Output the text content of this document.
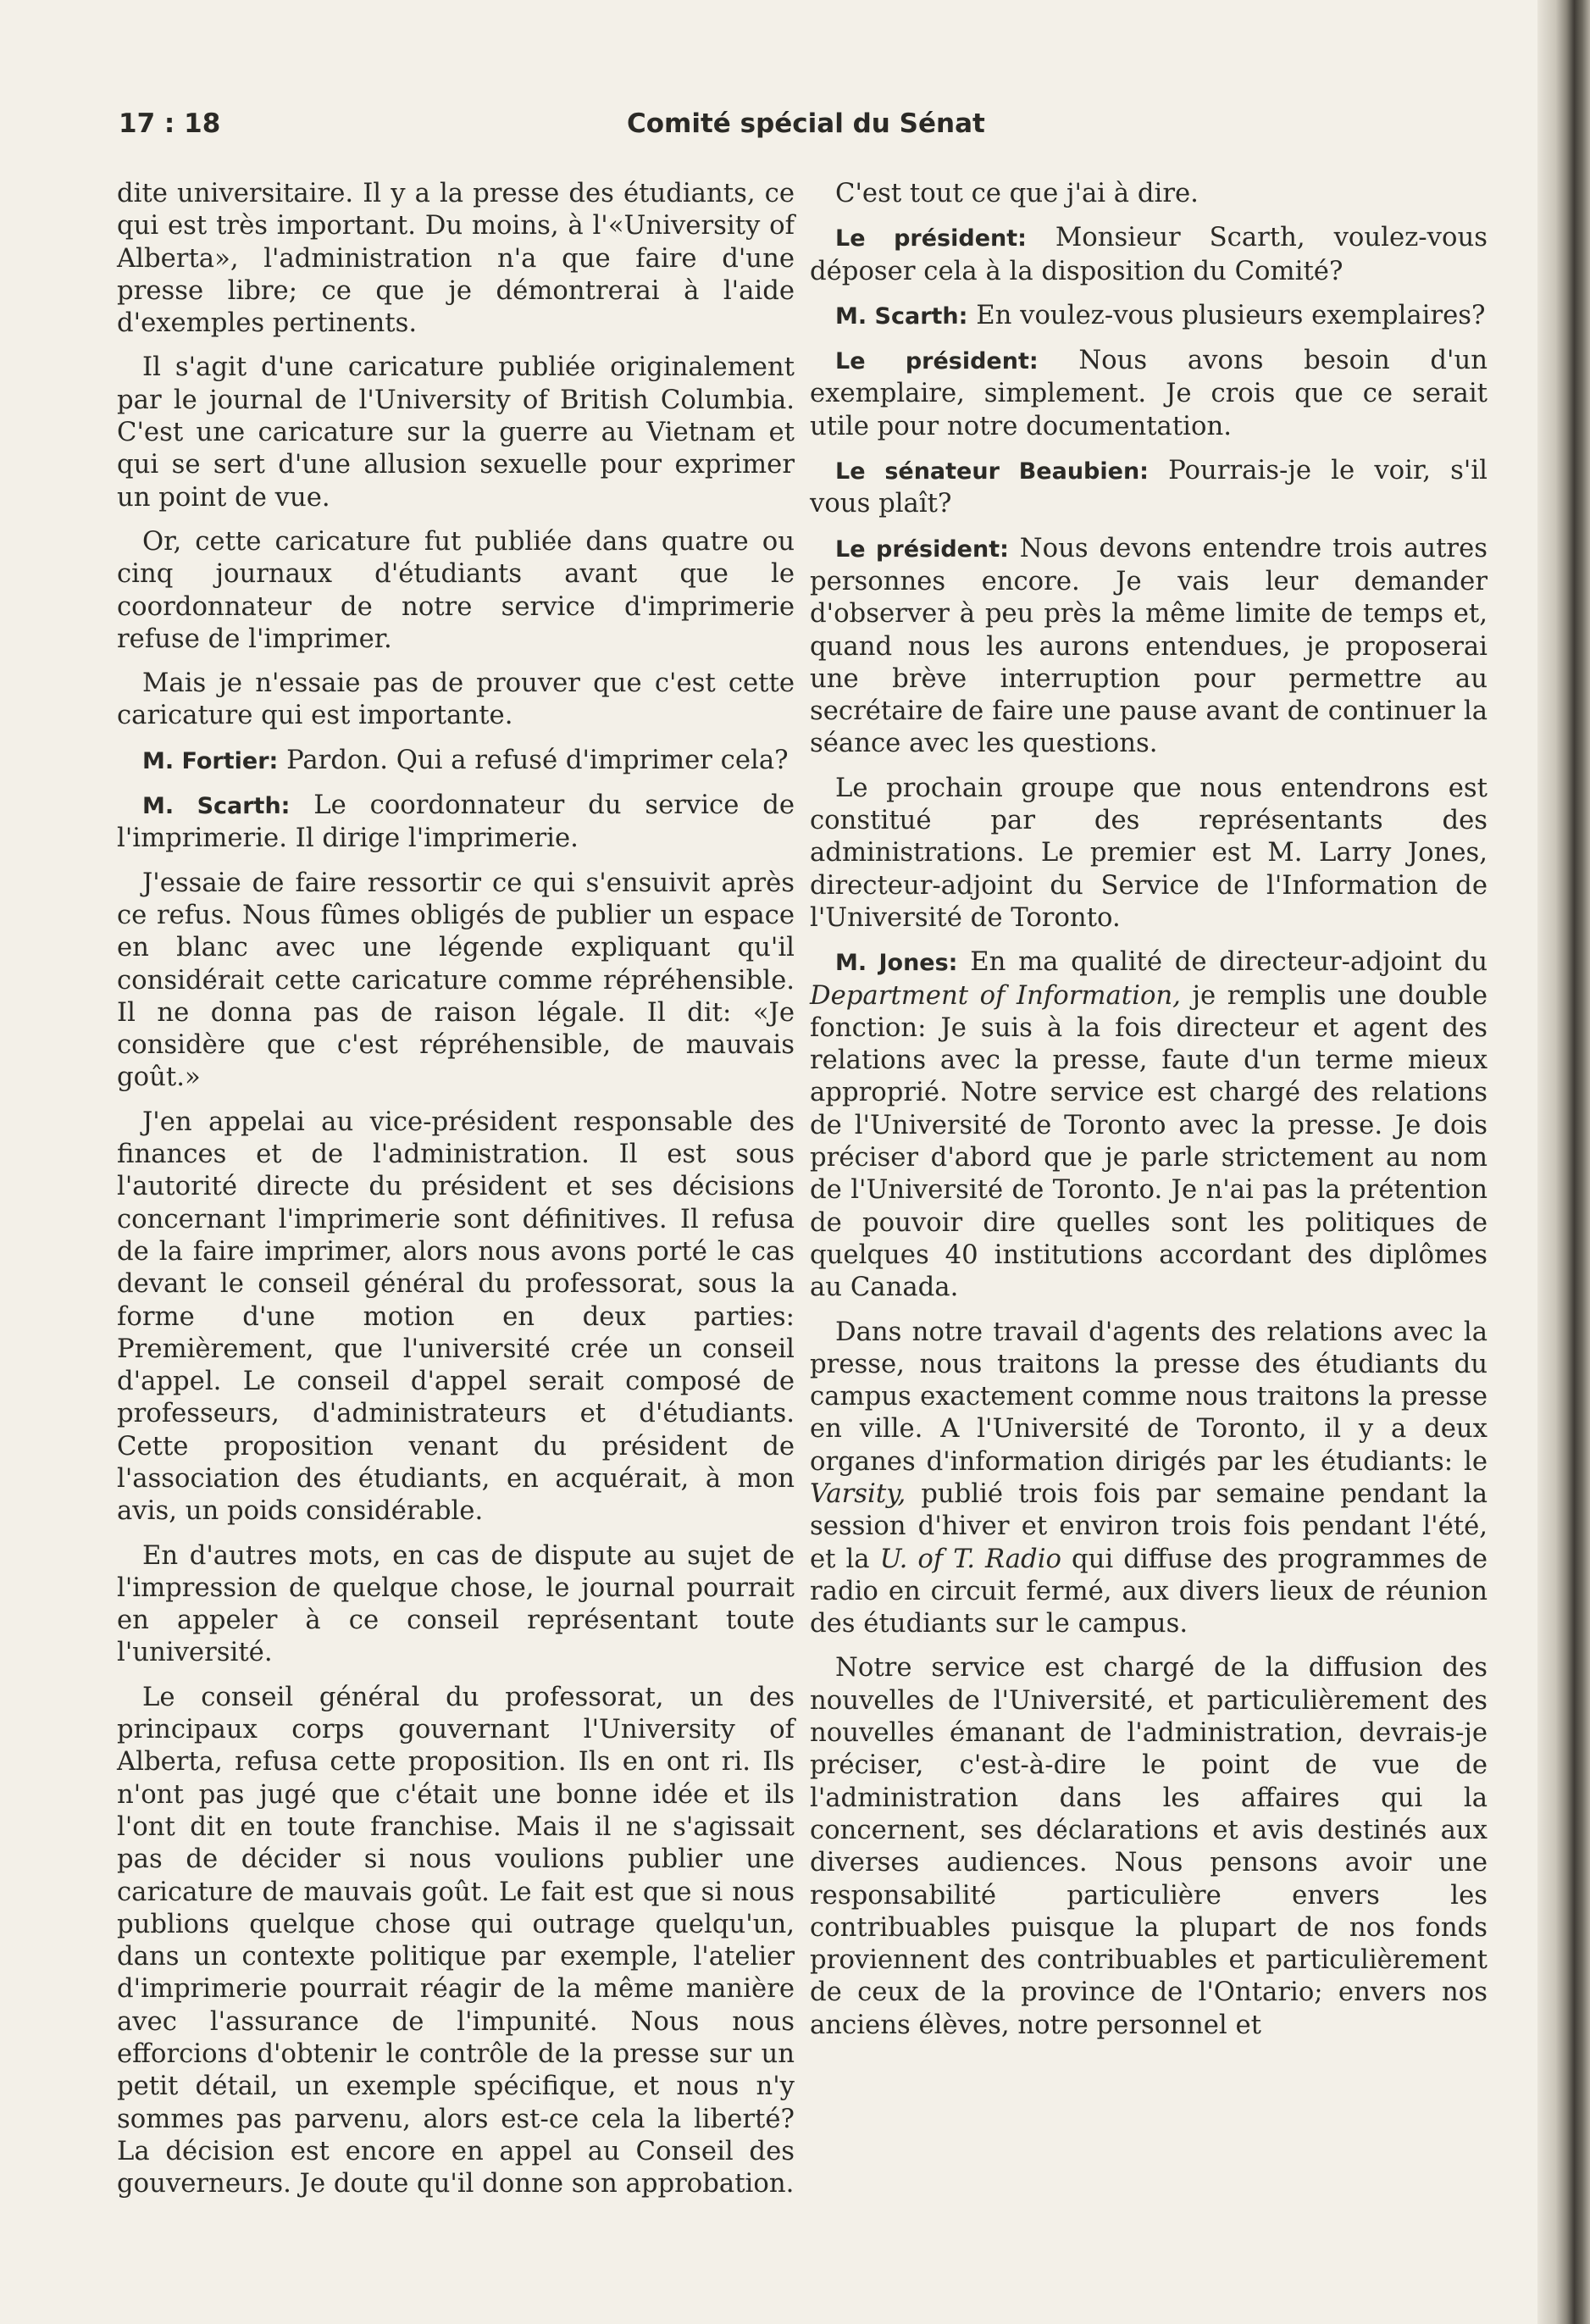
17 : 18	Comité spécial du Sénat

dite universitaire. Il y a la presse des étudiants, ce qui est très important. Du moins, à l'«University of Alberta», l'administration n'a que faire d'une presse libre; ce que je démontrerai à l'aide d'exemples pertinents.

Il s'agit d'une caricature publiée originalement par le journal de l'University of British Columbia. C'est une caricature sur la guerre au Vietnam et qui se sert d'une allusion sexuelle pour exprimer un point de vue.

Or, cette caricature fut publiée dans quatre ou cinq journaux d'étudiants avant que le coordonnateur de notre service d'imprimerie refuse de l'imprimer.

Mais je n'essaie pas de prouver que c'est cette caricature qui est importante.

M. Fortier: Pardon. Qui a refusé d'imprimer cela?

M. Scarth: Le coordonnateur du service de l'imprimerie. Il dirige l'imprimerie.

J'essaie de faire ressortir ce qui s'ensuivit après ce refus. Nous fûmes obligés de publier un espace en blanc avec une légende expliquant qu'il considérait cette caricature comme répréhensible. Il ne donna pas de raison légale. Il dit: «Je considère que c'est répréhensible, de mauvais goût.»

J'en appelai au vice-président responsable des finances et de l'administration. Il est sous l'autorité directe du président et ses décisions concernant l'imprimerie sont définitives. Il refusa de la faire imprimer, alors nous avons porté le cas devant le conseil général du professorat, sous la forme d'une motion en deux parties: Premièrement, que l'université crée un conseil d'appel. Le conseil d'appel serait composé de professeurs, d'administrateurs et d'étudiants. Cette proposition venant du président de l'association des étudiants, en acquérait, à mon avis, un poids considérable.

En d'autres mots, en cas de dispute au sujet de l'impression de quelque chose, le journal pourrait en appeler à ce conseil représentant toute l'université.

Le conseil général du professorat, un des principaux corps gouvernant l'University of Alberta, refusa cette proposition. Ils en ont ri. Ils n'ont pas jugé que c'était une bonne idée et ils l'ont dit en toute franchise. Mais il ne s'agissait pas de décider si nous voulions publier une caricature de mauvais goût. Le fait est que si nous publions quelque chose qui outrage quelqu'un, dans un contexte politique par exemple, l'atelier d'imprimerie pourrait réagir de la même manière avec l'assurance de l'impunité. Nous nous efforcions d'obtenir le contrôle de la presse sur un petit détail, un exemple spécifique, et nous n'y sommes pas parvenu, alors est-ce cela la liberté? La décision est encore en appel au Conseil des gouverneurs. Je doute qu'il donne son approbation.

C'est tout ce que j'ai à dire.

Le président: Monsieur Scarth, voulez-vous déposer cela à la disposition du Comité?

M. Scarth: En voulez-vous plusieurs exemplaires?

Le président: Nous avons besoin d'un exemplaire, simplement. Je crois que ce serait utile pour notre documentation.

Le sénateur Beaubien: Pourrais-je le voir, s'il vous plaît?

Le président: Nous devons entendre trois autres personnes encore. Je vais leur demander d'observer à peu près la même limite de temps et, quand nous les aurons entendues, je proposerai une brève interruption pour permettre au secrétaire de faire une pause avant de continuer la séance avec les questions.

Le prochain groupe que nous entendrons est constitué par des représentants des administrations. Le premier est M. Larry Jones, directeur-adjoint du Service de l'Information de l'Université de Toronto.

M. Jones: En ma qualité de directeur-adjoint du Department of Information, je remplis une double fonction: Je suis à la fois directeur et agent des relations avec la presse, faute d'un terme mieux approprié. Notre service est chargé des relations de l'Université de Toronto avec la presse. Je dois préciser d'abord que je parle strictement au nom de l'Université de Toronto. Je n'ai pas la prétention de pouvoir dire quelles sont les politiques de quelques 40 institutions accordant des diplômes au Canada.

Dans notre travail d'agents des relations avec la presse, nous traitons la presse des étudiants du campus exactement comme nous traitons la presse en ville. A l'Université de Toronto, il y a deux organes d'information dirigés par les étudiants: le Varsity, publié trois fois par semaine pendant la session d'hiver et environ trois fois pendant l'été, et la U. of T. Radio qui diffuse des programmes de radio en circuit fermé, aux divers lieux de réunion des étudiants sur le campus.

Notre service est chargé de la diffusion des nouvelles de l'Université, et particulièrement des nouvelles émanant de l'administration, devrais-je préciser, c'est-à-dire le point de vue de l'administration dans les affaires qui la concernent, ses déclarations et avis destinés aux diverses audiences. Nous pensons avoir une responsabilité particulière envers les contribuables puisque la plupart de nos fonds proviennent des contribuables et particulièrement de ceux de la province de l'Ontario; envers nos anciens élèves, notre personnel et
